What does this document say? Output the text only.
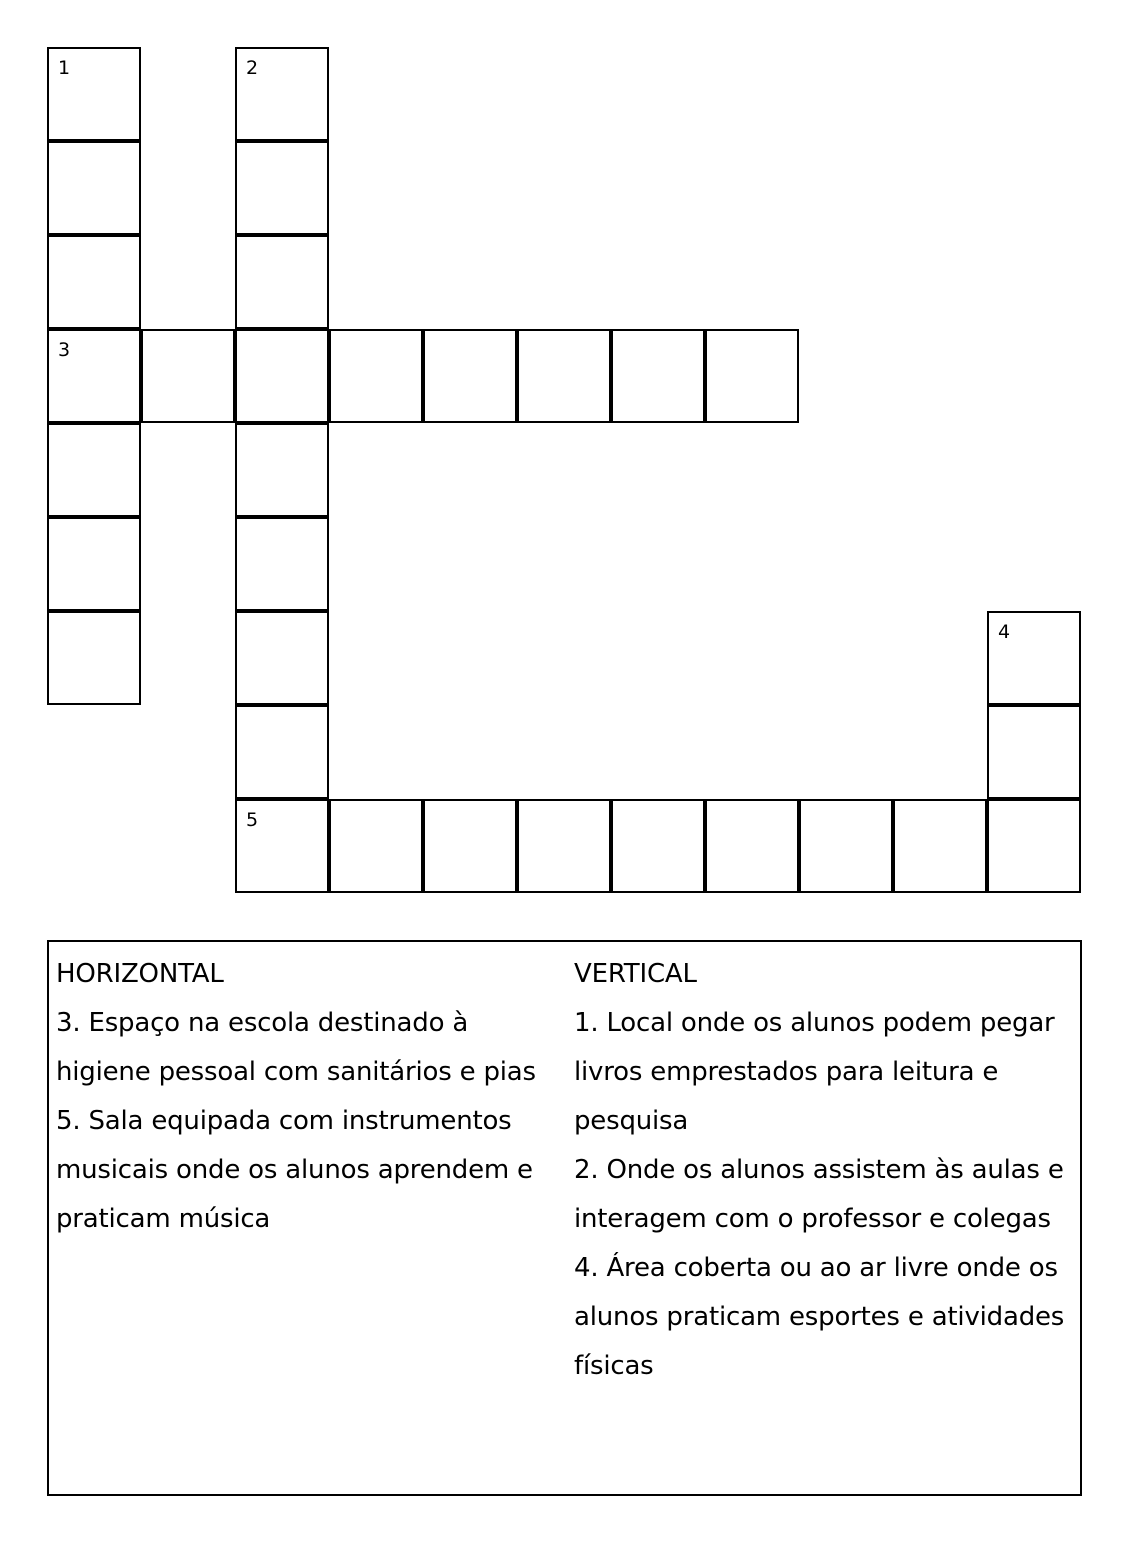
1
3
2
5
4

HORIZONTAL

3. Espaço na escola destinado à higiene pessoal com sanitários e pias

5. Sala equipada com instrumentos musicais onde os alunos aprendem e praticam música

VERTICAL

1. Local onde os alunos podem pegar livros emprestados para leitura e pesquisa

2. Onde os alunos assistem às aulas e interagem com o professor e colegas

4. Área coberta ou ao ar livre onde os alunos praticam esportes e atividades físicas
